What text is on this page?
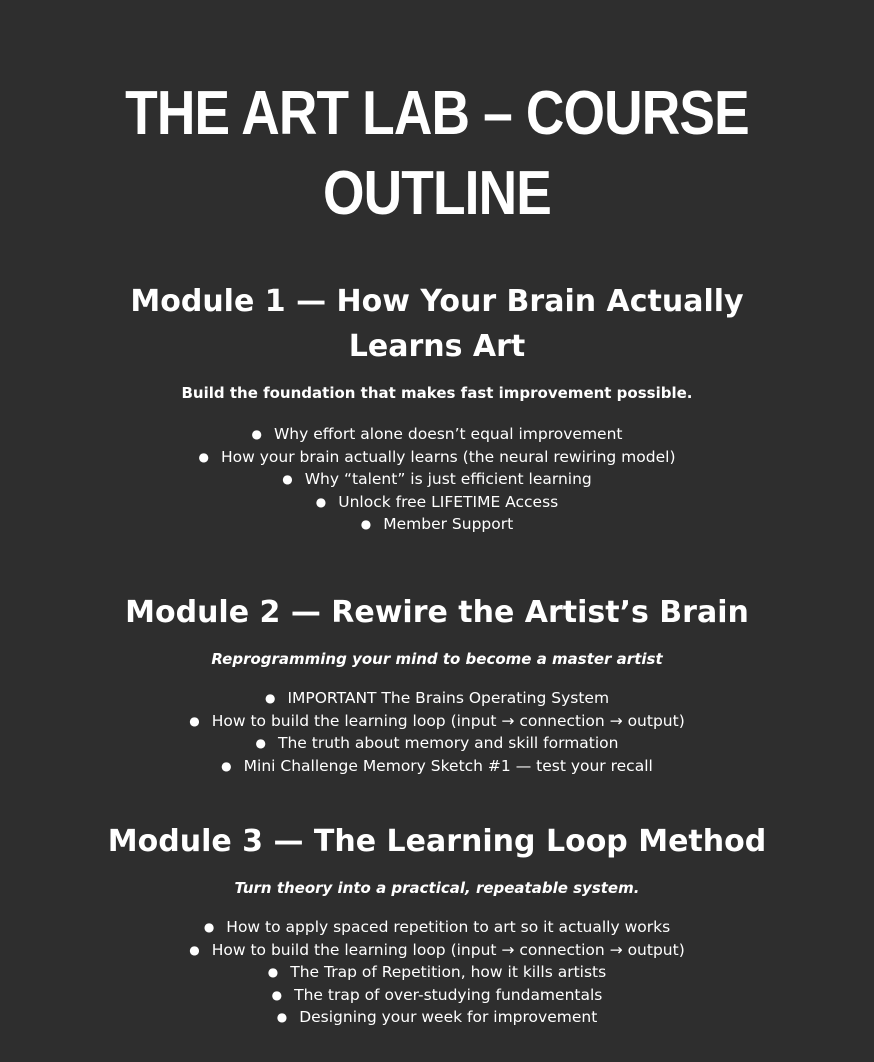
THE ART LAB – COURSE OUTLINE
Module 1 — How Your Brain Actually Learns Art

Build the foundation that makes fast improvement possible.

● Why effort alone doesn’t equal improvement
● How your brain actually learns (the neural rewiring model)
● Why “talent” is just efficient learning
● Unlock free LIFETIME Access
● Member Support
Module 2 — Rewire the Artist’s Brain

Reprogramming your mind to become a master artist

● IMPORTANT The Brains Operating System
● How to build the learning loop (input → connection → output)
● The truth about memory and skill formation
● Mini Challenge Memory Sketch #1 — test your recall
Module 3 — The Learning Loop Method

Turn theory into a practical, repeatable system.

● How to apply spaced repetition to art so it actually works
● How to build the learning loop (input → connection → output)
● The Trap of Repetition, how it kills artists
● The trap of over-studying fundamentals
● Designing your week for improvement
